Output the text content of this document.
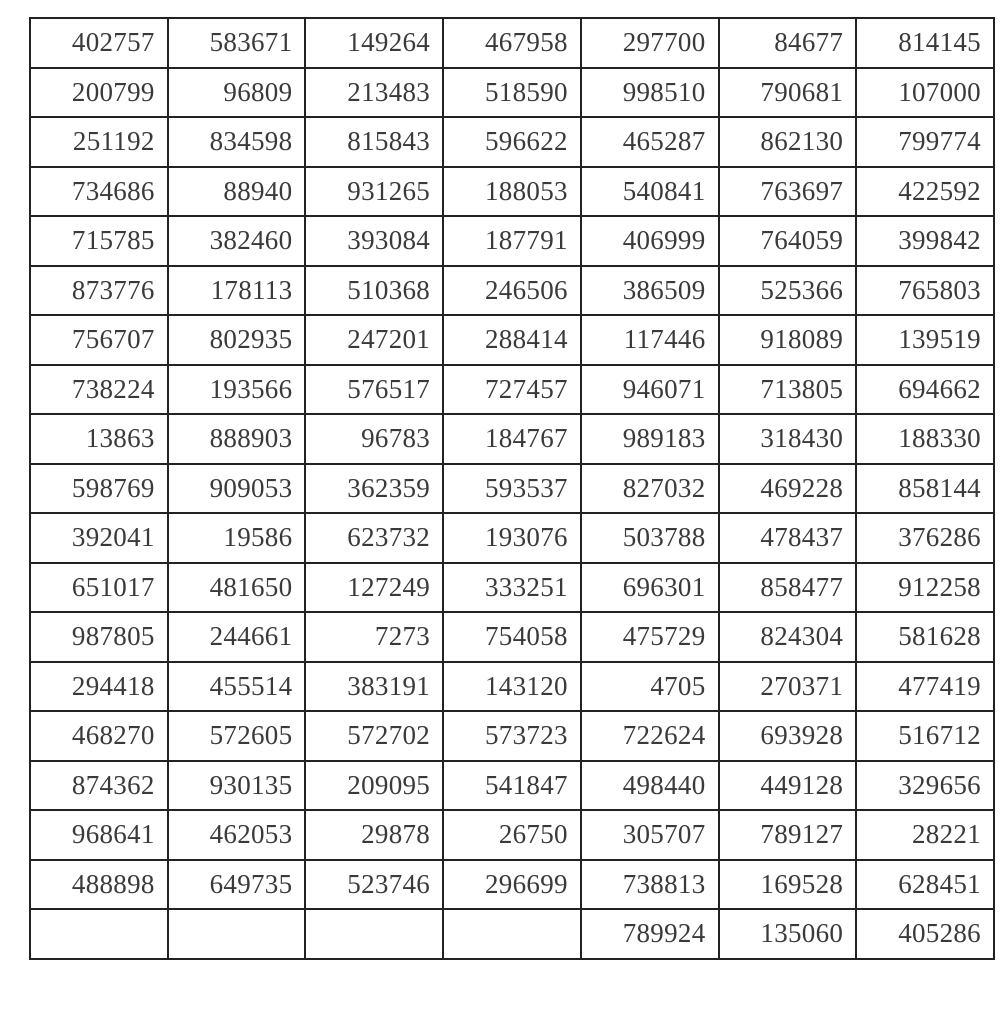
402757	583671	149264	467958	297700	84677	814145
200799	96809	213483	518590	998510	790681	107000
251192	834598	815843	596622	465287	862130	799774
734686	88940	931265	188053	540841	763697	422592
715785	382460	393084	187791	406999	764059	399842
873776	178113	510368	246506	386509	525366	765803
756707	802935	247201	288414	117446	918089	139519
738224	193566	576517	727457	946071	713805	694662
13863	888903	96783	184767	989183	318430	188330
598769	909053	362359	593537	827032	469228	858144
392041	19586	623732	193076	503788	478437	376286
651017	481650	127249	333251	696301	858477	912258
987805	244661	7273	754058	475729	824304	581628
294418	455514	383191	143120	4705	270371	477419
468270	572605	572702	573723	722624	693928	516712
874362	930135	209095	541847	498440	449128	329656
968641	462053	29878	26750	305707	789127	28221
488898	649735	523746	296699	738813	169528	628451
				789924	135060	405286
